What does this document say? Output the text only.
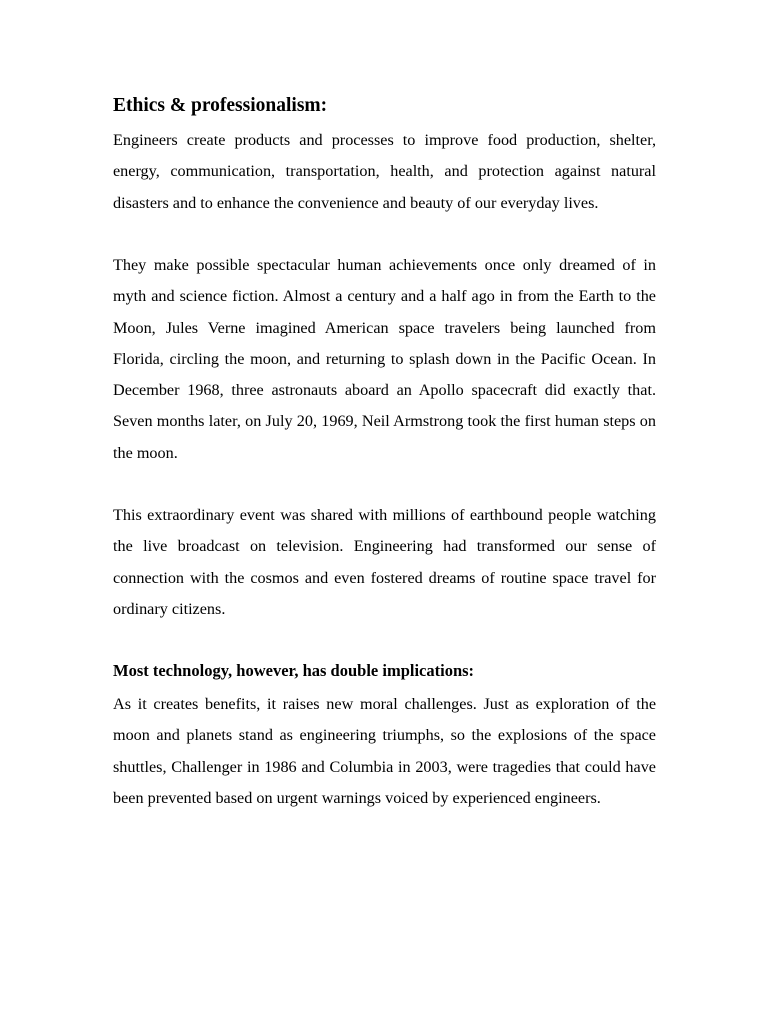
Ethics & professionalism:

Engineers create products and processes to improve food production, shelter, energy, communication, transportation, health, and protection against natural disasters and to enhance the convenience and beauty of our everyday lives.

They make possible spectacular human achievements once only dreamed of in myth and science fiction. Almost a century and a half ago in from the Earth to the Moon, Jules Verne imagined American space travelers being launched from Florida, circling the moon, and returning to splash down in the Pacific Ocean. In December 1968, three astronauts aboard an Apollo spacecraft did exactly that. Seven months later, on July 20, 1969, Neil Armstrong took the first human steps on the moon.

This extraordinary event was shared with millions of earthbound people watching the live broadcast on television. Engineering had transformed our sense of connection with the cosmos and even fostered dreams of routine space travel for ordinary citizens.

Most technology, however, has double implications:

As it creates benefits, it raises new moral challenges. Just as exploration of the moon and planets stand as engineering triumphs, so the explosions of the space shuttles, Challenger in 1986 and Columbia in 2003, were tragedies that could have been prevented based on urgent warnings voiced by experienced engineers.
